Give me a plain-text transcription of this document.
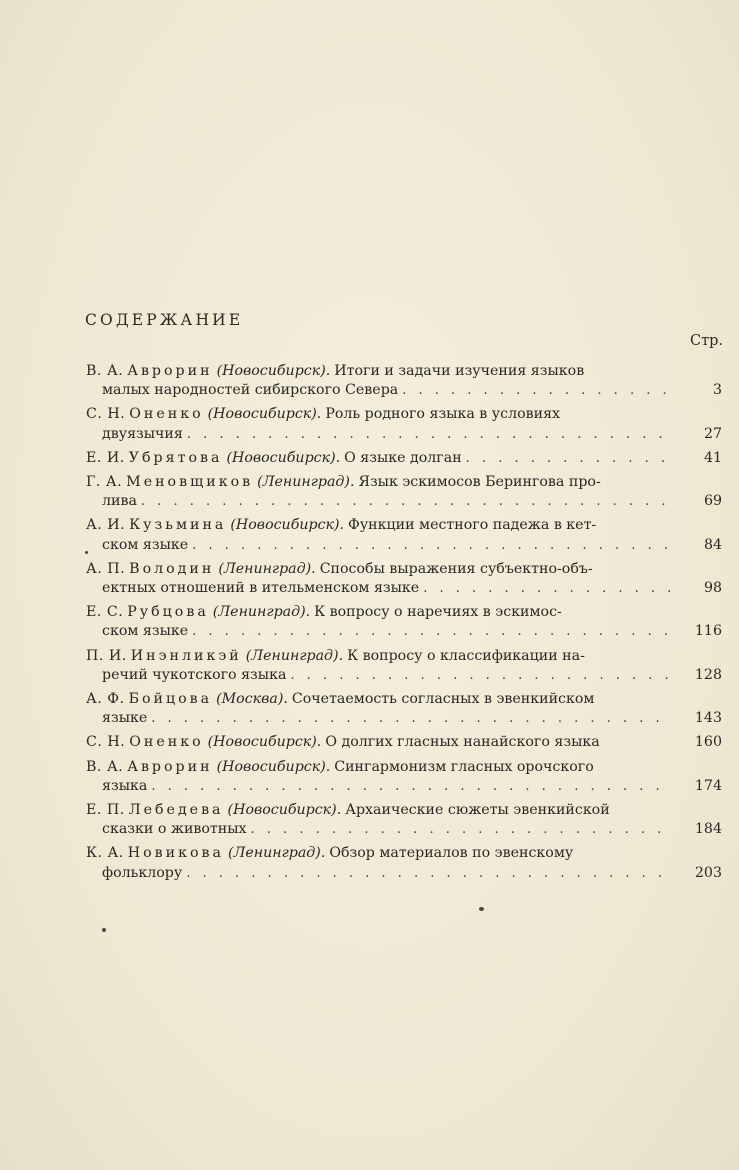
СОДЕРЖАНИЕ
Стр.
В. А. Аврорин (Новосибирск). Итоги и задачи изучения языков
малых народностей сибирского Севера . . .	3
С. Н. Оненко (Новосибирск). Роль родного языка в условиях
двуязычия . . .	27
Е. И. Убрятова (Новосибирск). О языке долган . . .	41
Г. А. Меновщиков (Ленинград). Язык эскимосов Берингова про-
лива . . .	69
А. И. Кузьмина (Новосибирск). Функции местного падежа в кет-
ском языке . . .	84
А. П. Володин (Ленинград). Способы выражения субъектно-объ-
ектных отношений в ительменском языке . . .	98
Е. С. Рубцова (Ленинград). К вопросу о наречиях в эскимос-
ском языке . . .	116
П. И. Инэнликэй (Ленинград). К вопросу о классификации на-
речий чукотского языка . . .	128
А. Ф. Бойцова (Москва). Сочетаемость согласных в эвенкийском
языке . . .	143
С. Н. Оненко (Новосибирск). О долгих гласных нанайского языка	160
В. А. Аврорин (Новосибирск). Сингармонизм гласных орочского
языка . . .	174
Е. П. Лебедева (Новосибирск). Архаические сюжеты эвенкийской
сказки о животных . . .	184
К. А. Новикова (Ленинград). Обзор материалов по эвенскому
фольклору . . .	203
